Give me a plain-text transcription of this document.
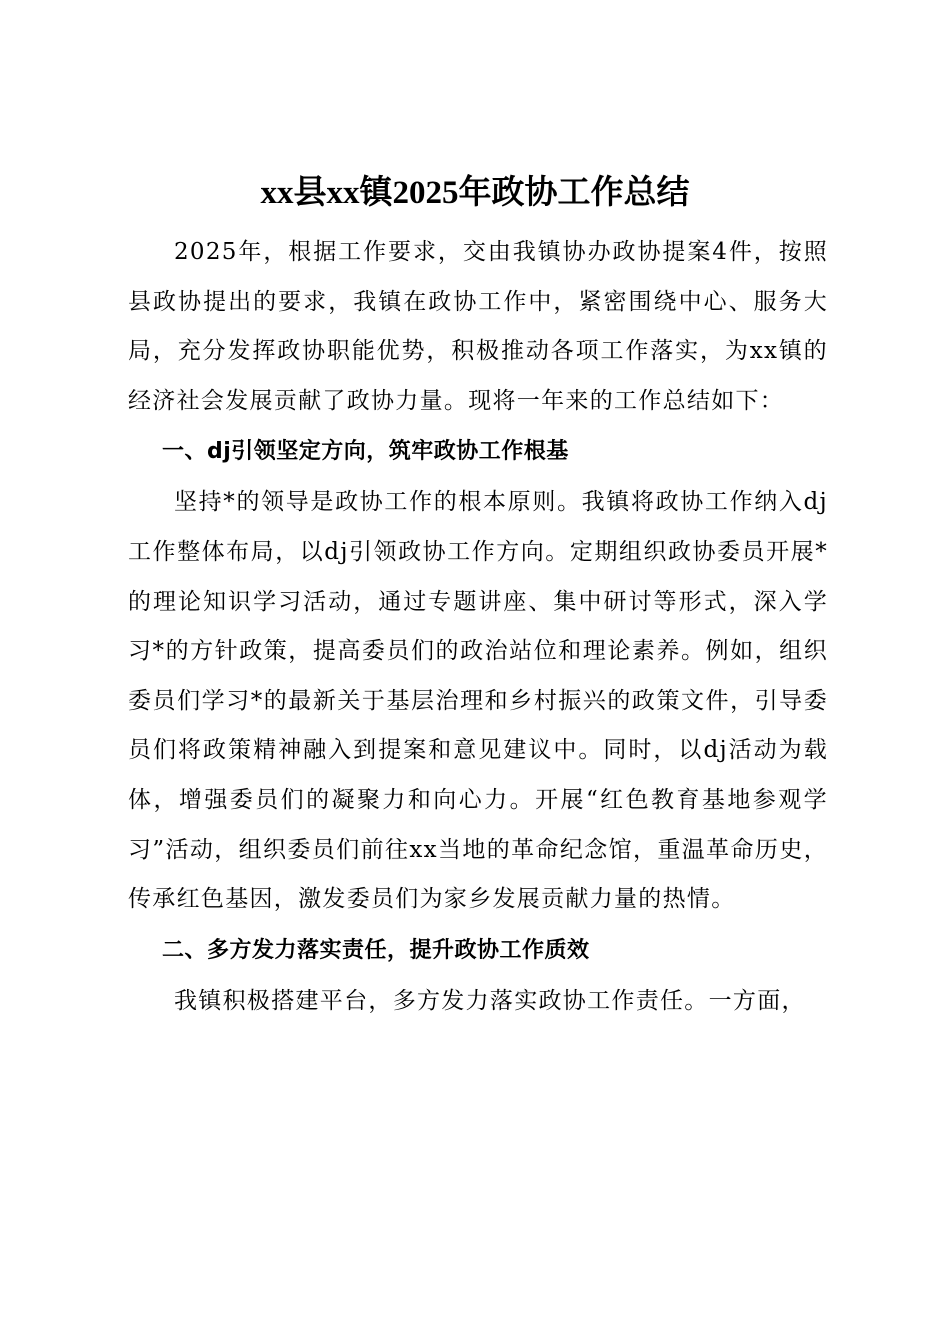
xx县xx镇2025年政协工作总结

2025年，根据工作要求，交由我镇协办政协提案4件，按照县政协提出的要求，我镇在政协工作中，紧密围绕中心、服务大局，充分发挥政协职能优势，积极推动各项工作落实，为xx镇的经济社会发展贡献了政协力量。现将一年来的工作总结如下：

一、dj引领坚定方向，筑牢政协工作根基

坚持*的领导是政协工作的根本原则。我镇将政协工作纳入dj工作整体布局，以dj引领政协工作方向。定期组织政协委员开展*的理论知识学习活动，通过专题讲座、集中研讨等形式，深入学习*的方针政策，提高委员们的政治站位和理论素养。例如，组织委员们学习*的最新关于基层治理和乡村振兴的政策文件，引导委员们将政策精神融入到提案和意见建议中。同时，以dj活动为载体，增强委员们的凝聚力和向心力。开展“红色教育基地参观学习”活动，组织委员们前往xx当地的革命纪念馆，重温革命历史，传承红色基因，激发委员们为家乡发展贡献力量的热情。

二、多方发力落实责任，提升政协工作质效

我镇积极搭建平台，多方发力落实政协工作责任。一方面，
